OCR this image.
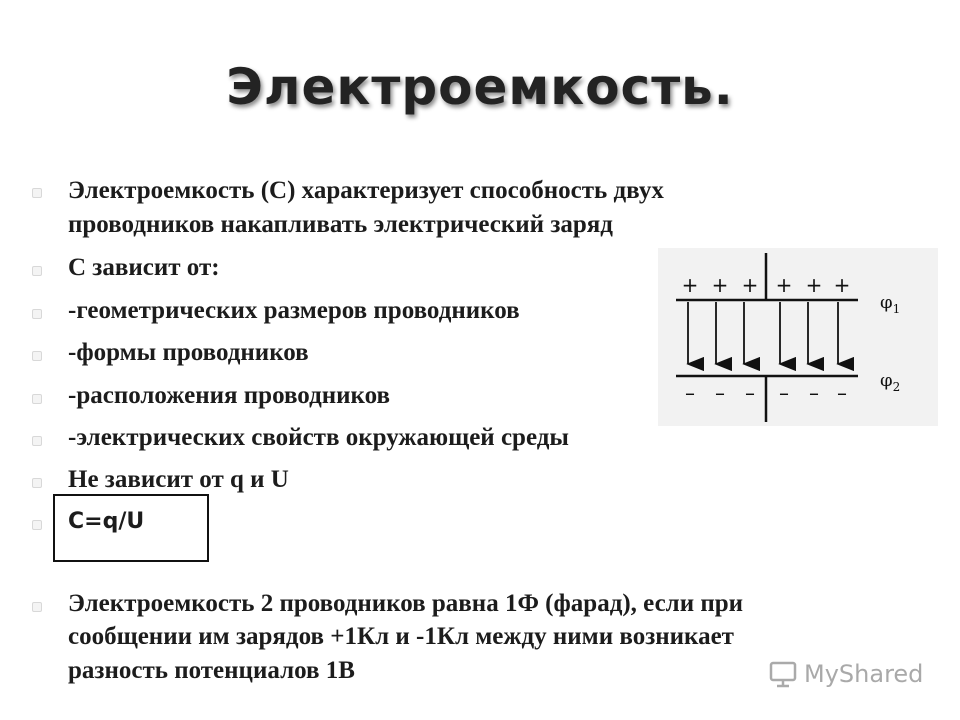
Электроемкость.
Электроемкость (С) характеризует способность двух
проводников накапливать электрический заряд
С зависит от:
-геометрических размеров проводников
-формы проводников
-расположения проводников
-электрических свойств окружающей среды
Не зависит от q и U
C=q/U
Электроемкость 2 проводников равна 1Ф (фарад), если при
сообщении им зарядов +1Кл и -1Кл между ними возникает
разность потенциалов 1В
+ + + + + +
– – – – – –
$\varphi_1$
$\varphi_2$
MyShared
